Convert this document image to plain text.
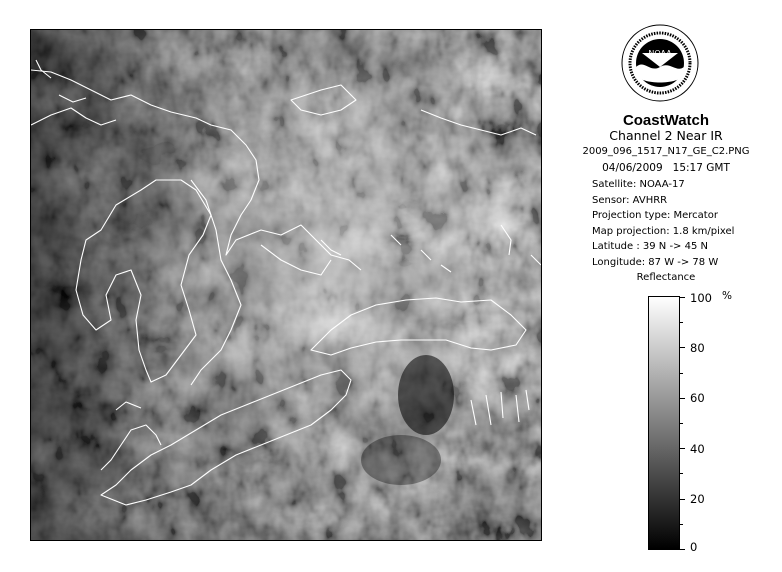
NOAA
CoastWatch
Channel 2 Near IR
2009_096_1517_N17_GE_C2.PNG
04/06/2009 15:17 GMT
Satellite: NOAA-17
Sensor: AVHRR
Projection type: Mercator
Map projection: 1.8 km/pixel
Latitude : 39 N -> 45 N
Longitude: 87 W -> 78 W
Reflectance
%
100
80
60
40
20
0
